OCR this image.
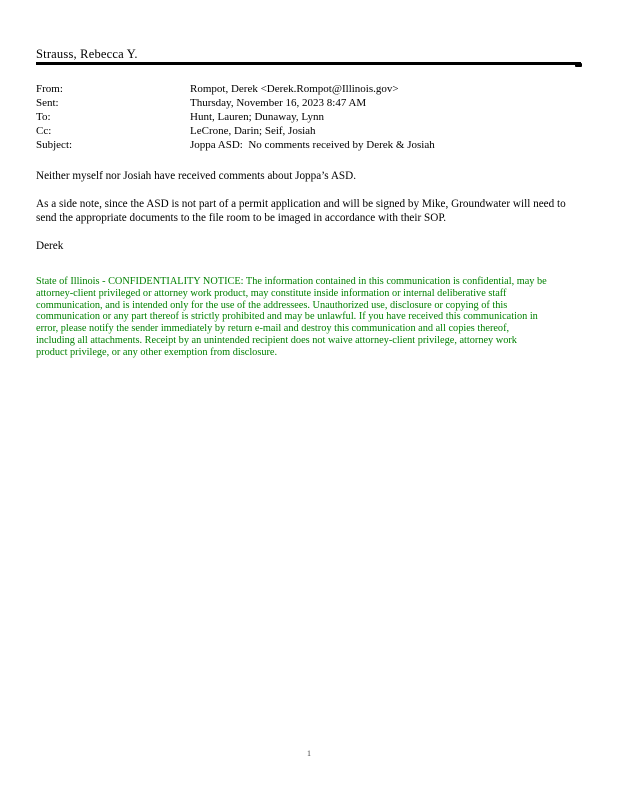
Strauss, Rebecca Y.
From:	Rompot, Derek <Derek.Rompot@Illinois.gov>
Sent:	Thursday, November 16, 2023 8:47 AM
To:	Hunt, Lauren; Dunaway, Lynn
Cc:	LeCrone, Darin; Seif, Josiah
Subject:	Joppa ASD:  No comments received by Derek & Josiah
Neither myself nor Josiah have received comments about Joppa’s ASD.
As a side note, since the ASD is not part of a permit application and will be signed by Mike, Groundwater will need to
send the appropriate documents to the file room to be imaged in accordance with their SOP.
Derek
State of Illinois - CONFIDENTIALITY NOTICE: The information contained in this communication is confidential, may be
attorney-client privileged or attorney work product, may constitute inside information or internal deliberative staff
communication, and is intended only for the use of the addressees. Unauthorized use, disclosure or copying of this
communication or any part thereof is strictly prohibited and may be unlawful. If you have received this communication in
error, please notify the sender immediately by return e-mail and destroy this communication and all copies thereof,
including all attachments. Receipt by an unintended recipient does not waive attorney-client privilege, attorney work
product privilege, or any other exemption from disclosure.
1
